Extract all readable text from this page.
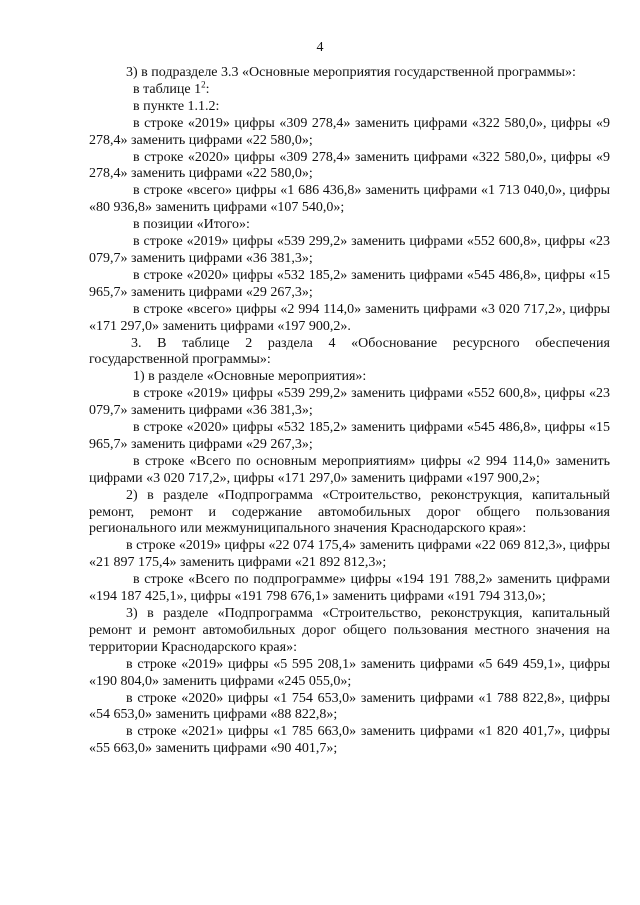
4

3) в подразделе 3.3 «Основные мероприятия государственной программы»:

в таблице $1^2$:

в пункте 1.1.2:

в строке «2019» цифры «309 278,4» заменить цифрами «322 580,0», цифры «9 278,4» заменить цифрами «22 580,0»;

в строке «2020» цифры «309 278,4» заменить цифрами «322 580,0», цифры «9 278,4» заменить цифрами «22 580,0»;

в строке «всего» цифры «1 686 436,8» заменить цифрами «1 713 040,0», цифры «80 936,8» заменить цифрами «107 540,0»;

в позиции «Итого»:

в строке «2019» цифры «539 299,2» заменить цифрами «552 600,8», цифры «23 079,7» заменить цифрами «36 381,3»;

в строке «2020» цифры «532 185,2» заменить цифрами «545 486,8», цифры «15 965,7» заменить цифрами «29 267,3»;

в строке «всего» цифры «2 994 114,0» заменить цифрами «3 020 717,2», цифры «171 297,0» заменить цифрами «197 900,2».

3. В таблице 2 раздела 4 «Обоснование ресурсного обеспечения государственной программы»:

1) в разделе «Основные мероприятия»:

в строке «2019» цифры «539 299,2» заменить цифрами «552 600,8», цифры «23 079,7» заменить цифрами «36 381,3»;

в строке «2020» цифры «532 185,2» заменить цифрами «545 486,8», цифры «15 965,7» заменить цифрами «29 267,3»;

в строке «Всего по основным мероприятиям» цифры «2 994 114,0» заменить цифрами «3 020 717,2», цифры «171 297,0» заменить цифрами «197 900,2»;

2) в разделе «Подпрограмма «Строительство, реконструкция, капитальный ремонт, ремонт и содержание автомобильных дорог общего пользования регионального или межмуниципального значения Краснодарского края»:

в строке «2019» цифры «22 074 175,4» заменить цифрами «22 069 812,3», цифры «21 897 175,4» заменить цифрами «21 892 812,3»;

в строке «Всего по подпрограмме» цифры «194 191 788,2» заменить цифрами «194 187 425,1», цифры «191 798 676,1» заменить цифрами «191 794 313,0»;

3) в разделе «Подпрограмма «Строительство, реконструкция, капитальный ремонт и ремонт автомобильных дорог общего пользования местного значения на территории Краснодарского края»:

в строке «2019» цифры «5 595 208,1» заменить цифрами «5 649 459,1», цифры «190 804,0» заменить цифрами «245 055,0»;

в строке «2020» цифры «1 754 653,0» заменить цифрами «1 788 822,8», цифры «54 653,0» заменить цифрами «88 822,8»;

в строке «2021» цифры «1 785 663,0» заменить цифрами «1 820 401,7», цифры «55 663,0» заменить цифрами «90 401,7»;
